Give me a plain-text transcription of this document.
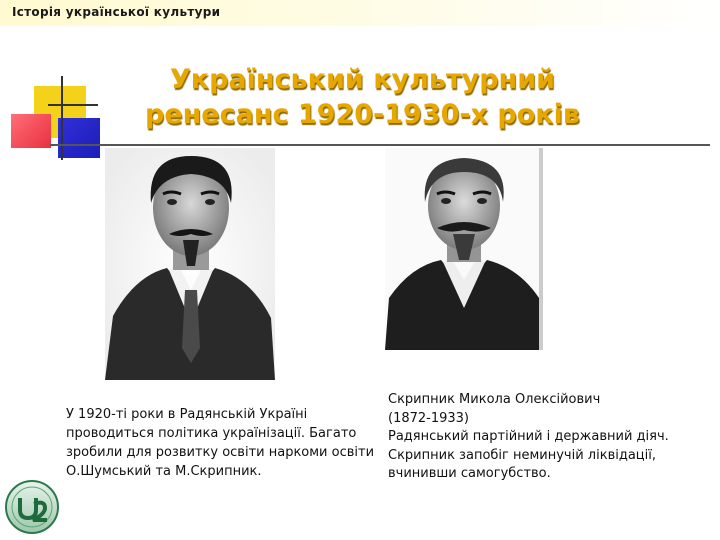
Історія української культури
Український культурний
ренесанс 1920-1930-х років
У 1920-ті роки в Радянській Україні проводиться політика українізації. Багато зробили для розвитку освіти наркоми освіти О.Шумський та М.Скрипник.
Скрипник Микола Олексійович
(1872-1933)
Радянський партійний і державний діяч.
Скрипник запобіг неминучій ліквідації,
вчинивши самогубство.
